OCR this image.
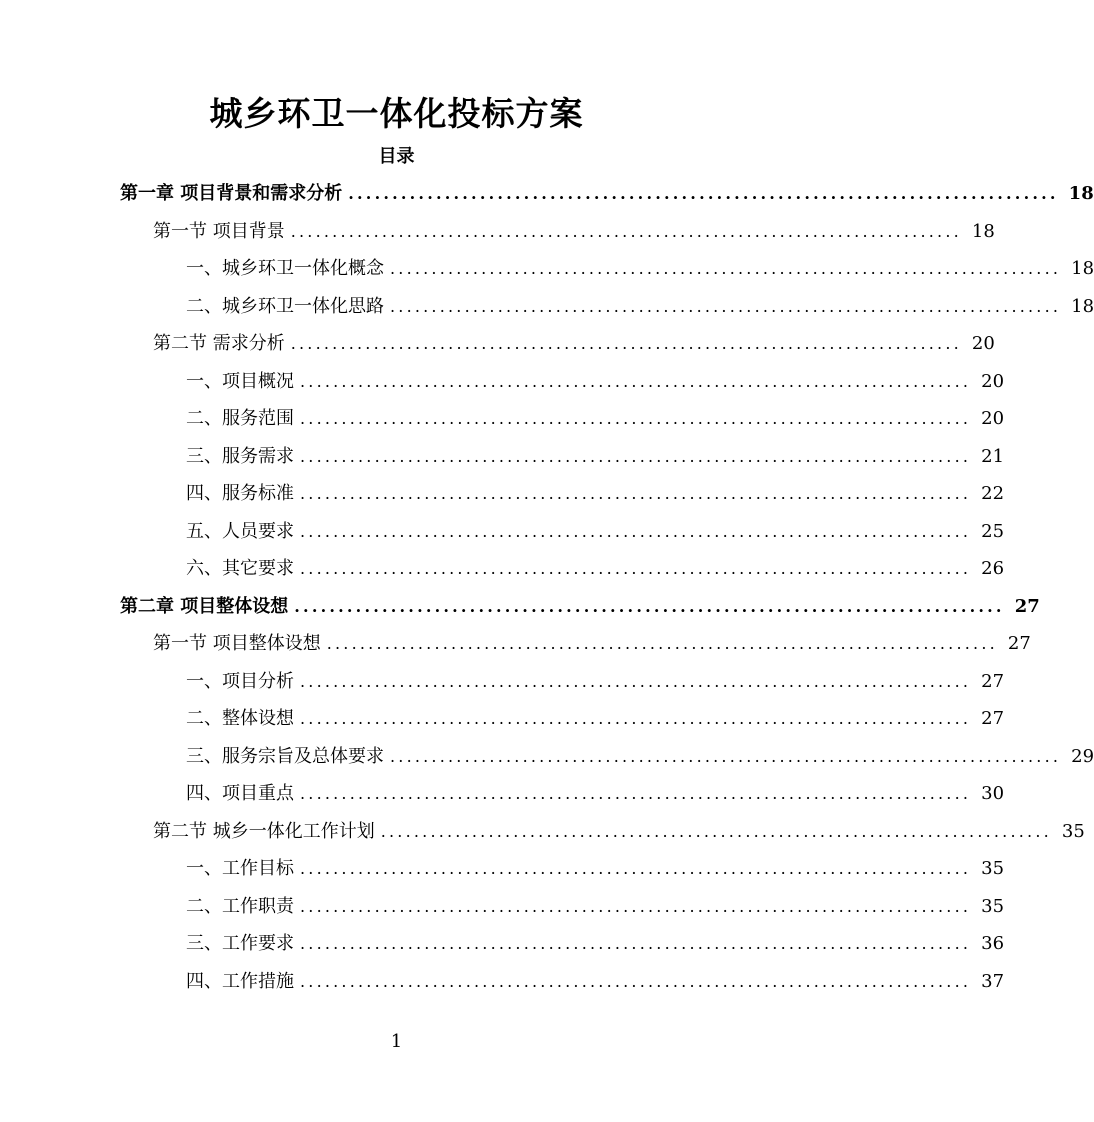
城乡环卫一体化投标方案
目录
第一章 项目背景和需求分析 ................................................................................. 18
第一节 项目背景 ................................................................................. 18
一、城乡环卫一体化概念 ................................................................................. 18
二、城乡环卫一体化思路 ................................................................................. 18
第二节 需求分析 ................................................................................. 20
一、项目概况 ................................................................................. 20
二、服务范围 ................................................................................. 20
三、服务需求 ................................................................................. 21
四、服务标准 ................................................................................. 22
五、人员要求 ................................................................................. 25
六、其它要求 ................................................................................. 26
第二章 项目整体设想 ................................................................................. 27
第一节 项目整体设想 ................................................................................. 27
一、项目分析 ................................................................................. 27
二、整体设想 ................................................................................. 27
三、服务宗旨及总体要求 ................................................................................. 29
四、项目重点 ................................................................................. 30
第二节 城乡一体化工作计划 ................................................................................. 35
一、工作目标 ................................................................................. 35
二、工作职责 ................................................................................. 35
三、工作要求 ................................................................................. 36
四、工作措施 ................................................................................. 37
1
